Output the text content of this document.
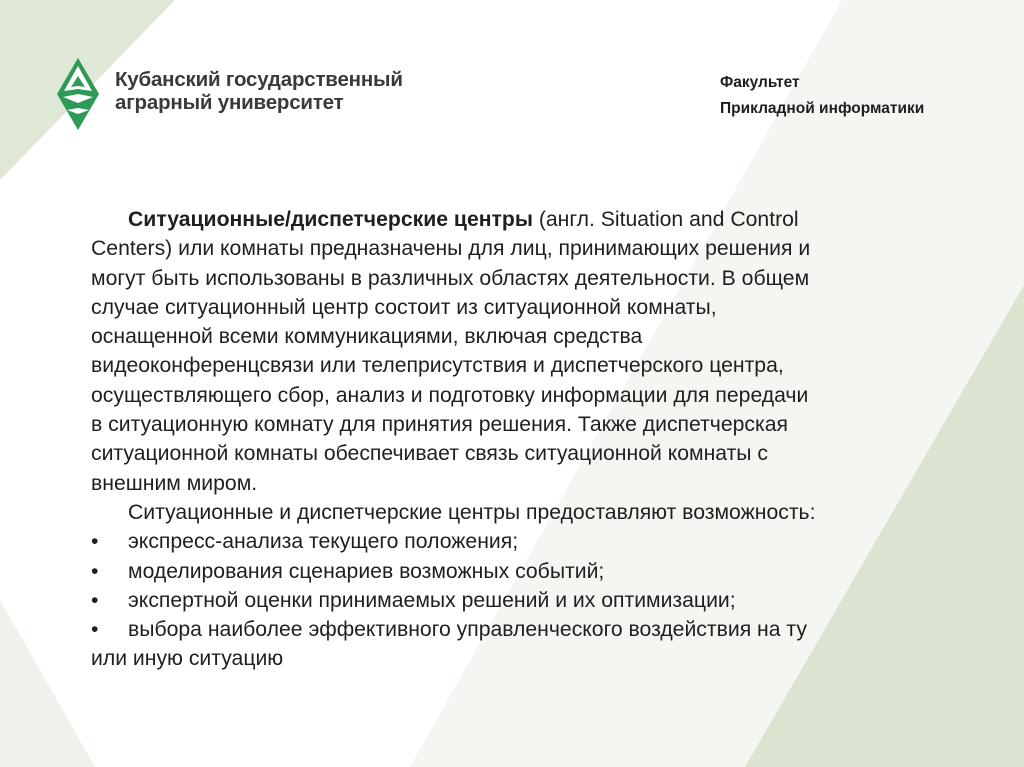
Кубанский государственный
аграрный университет
Факультет
Прикладной информатики
Ситуационные/диспетчерские центры (англ. Situation and Control
Centers) или комнаты предназначены для лиц, принимающих решения и
могут быть использованы в различных областях деятельности. В общем
случае ситуационный центр состоит из ситуационной комнаты,
оснащенной всеми коммуникациями, включая средства
видеоконференцсвязи или телеприсутствия и диспетчерского центра,
осуществляющего сбор, анализ и подготовку информации для передачи
в ситуационную комнату для принятия решения. Также диспетчерская
ситуационной комнаты обеспечивает связь ситуационной комнаты с
внешним миром.
Ситуационные и диспетчерские центры предоставляют возможность:
• экспресс-анализа текущего положения;
• моделирования сценариев возможных событий;
• экспертной оценки принимаемых решений и их оптимизации;
• выбора наиболее эффективного управленческого воздействия на ту
или иную ситуацию
